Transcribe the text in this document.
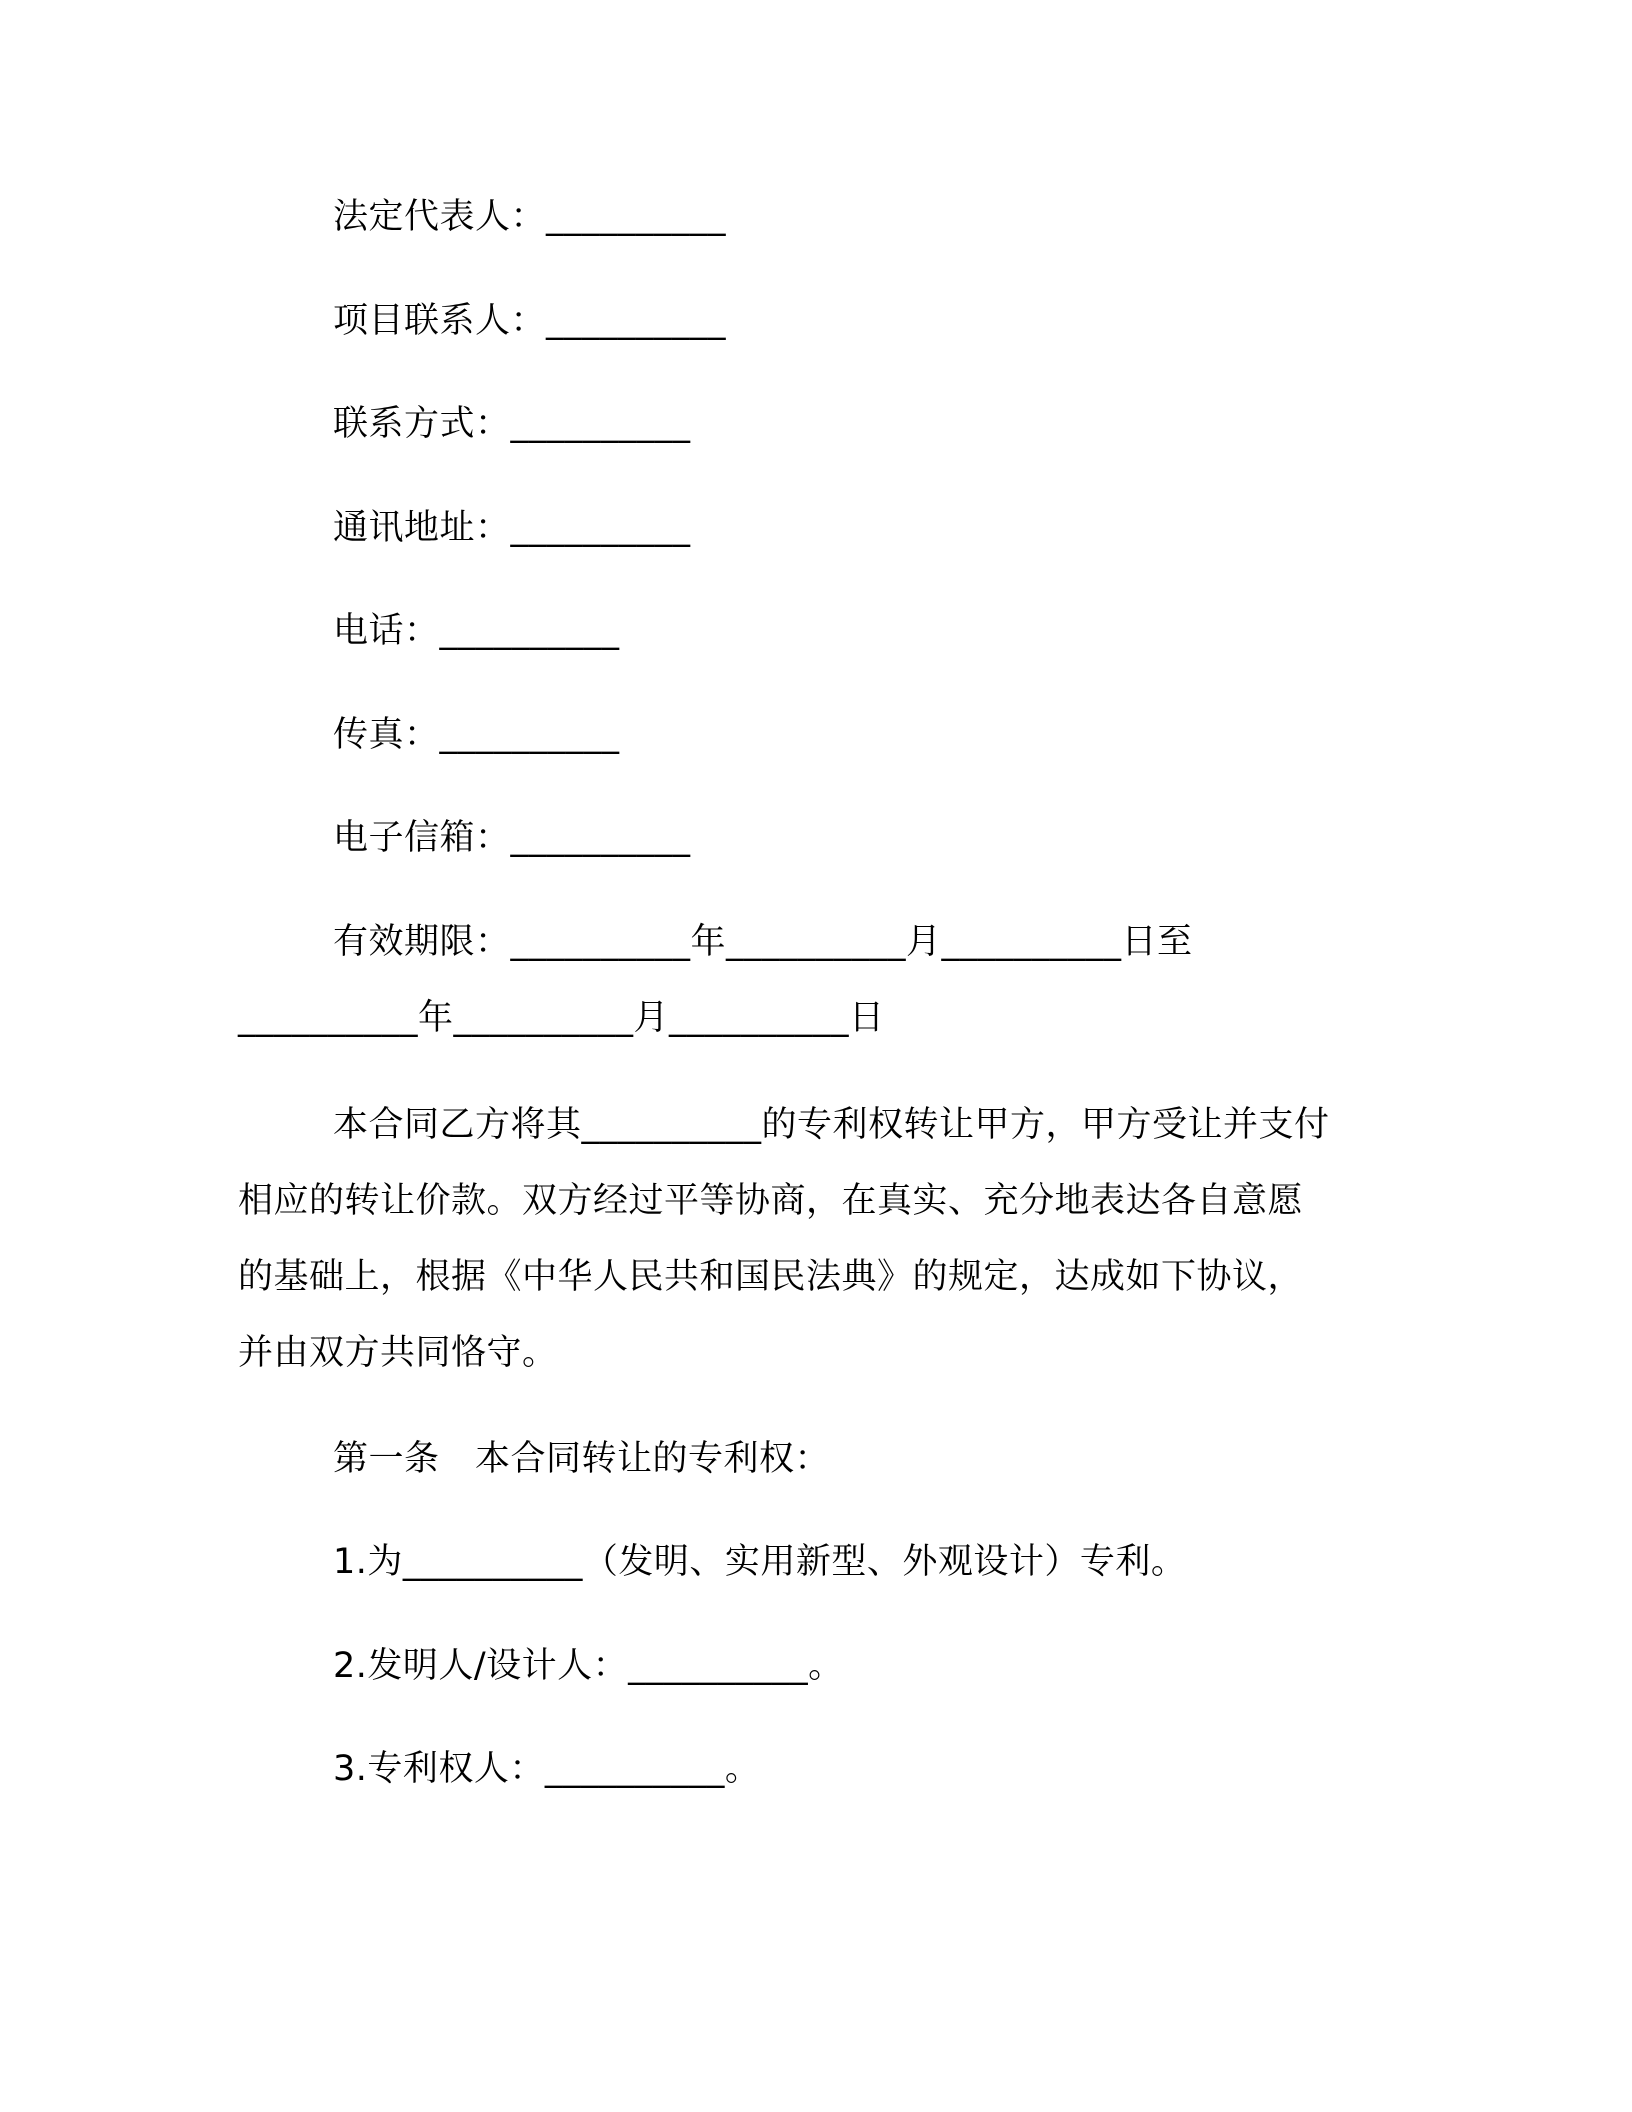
法定代表人：__________
项目联系人：__________
联系方式：__________
通讯地址：__________
电话：__________
传真：__________
电子信箱：__________
有效期限：__________年__________月__________日至
__________年__________月__________日
本合同乙方将其__________的专利权转让甲方，甲方受让并支付
相应的转让价款。双方经过平等协商，在真实、充分地表达各自意愿
的基础上，根据《中华人民共和国民法典》的规定，达成如下协议，
并由双方共同恪守。
第一条　本合同转让的专利权：
1.为__________（发明、实用新型、外观设计）专利。
2.发明人/设计人：__________。
3.专利权人：__________。
